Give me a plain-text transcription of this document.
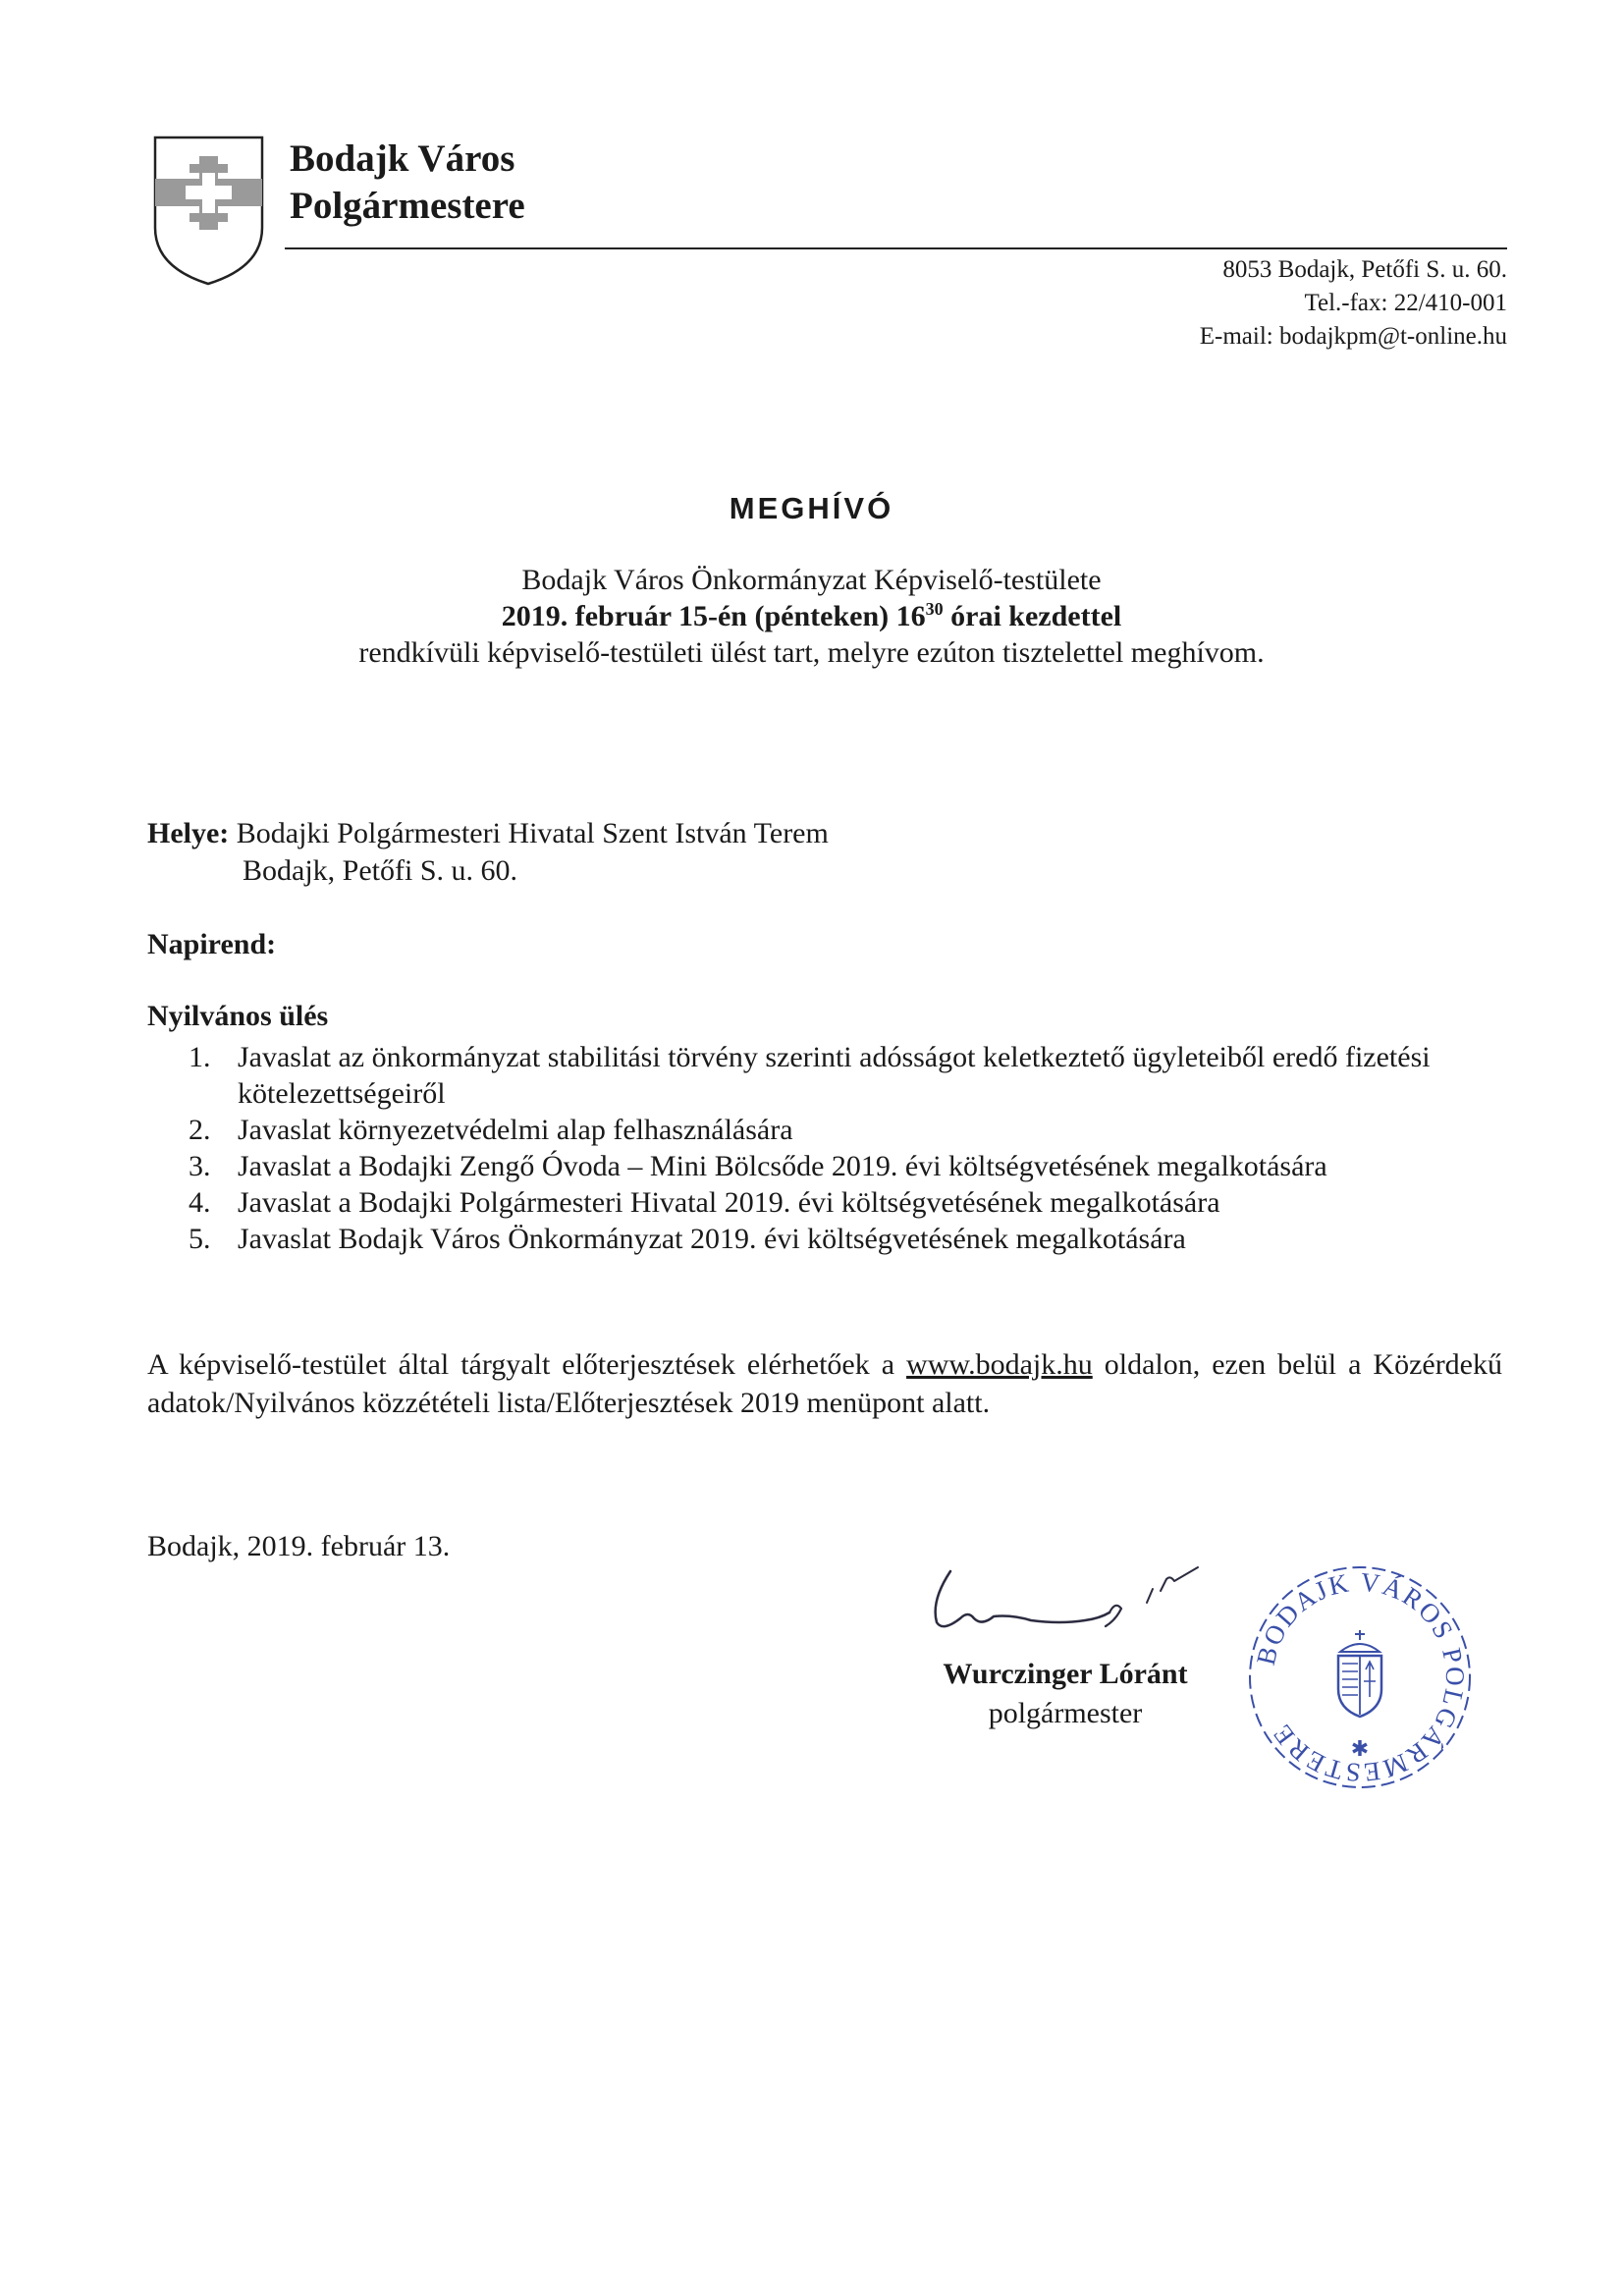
Bodajk Város
Polgármestere
8053 Bodajk, Petőfi S. u. 60.
Tel.-fax: 22/410-001
E-mail: bodajkpm@t-online.hu
MEGHÍVÓ
Bodajk Város Önkormányzat Képviselő-testülete
2019. február 15-én (pénteken) $16^{30}$ órai kezdettel
rendkívüli képviselő-testületi ülést tart, melyre ezúton tisztelettel meghívom.
Helye: Bodajki Polgármesteri Hivatal Szent István Terem
Bodajk, Petőfi S. u. 60.
Napirend:
Nyilvános ülés
1. Javaslat az önkormányzat stabilitási törvény szerinti adósságot keletkeztető ügyleteiből eredő fizetési kötelezettségeiről
2. Javaslat környezetvédelmi alap felhasználására
3. Javaslat a Bodajki Zengő Óvoda – Mini Bölcsőde 2019. évi költségvetésének megalkotására
4. Javaslat a Bodajki Polgármesteri Hivatal 2019. évi költségvetésének megalkotására
5. Javaslat Bodajk Város Önkormányzat 2019. évi költségvetésének megalkotására
A képviselő-testület által tárgyalt előterjesztések elérhetőek a www.bodajk.hu oldalon, ezen belül a Közérdekű adatok/Nyilvános közzétételi lista/Előterjesztések 2019 menüpont alatt.
Bodajk, 2019. február 13.
Wurczinger Lóránt
polgármester
BODAJK VÁROS POLGÁRMESTERE	✱
